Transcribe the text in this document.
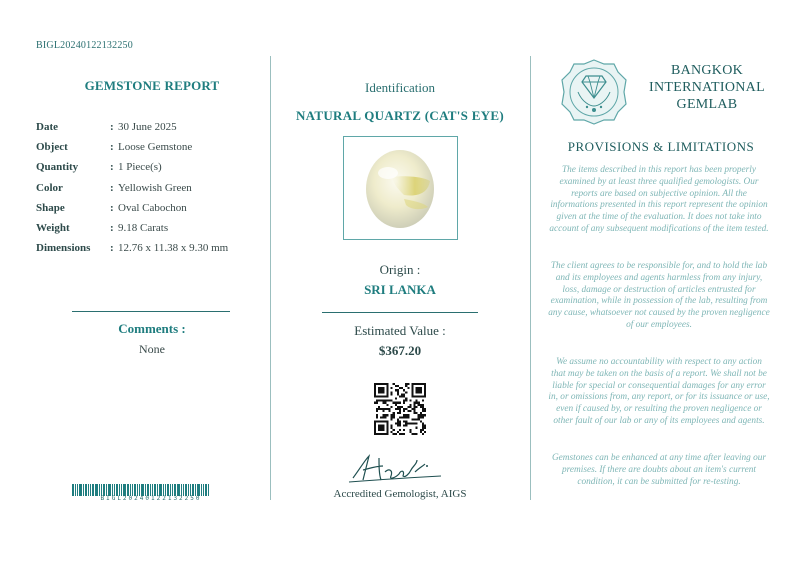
BIGL20240122132250
GEMSTONE REPORT
Date	: 30 June 2025
Object	: Loose Gemstone
Quantity	: 1 Piece(s)
Color	: Yellowish Green
Shape	: Oval Cabochon
Weight	: 9.18 Carats
Dimensions : 12.76 x 11.38 x 9.30 mm
Comments :
None
BIGL20240122132250
Identification
NATURAL QUARTZ (CAT'S EYE)
Origin :
SRI LANKA
Estimated Value :
$367.20
Accredited Gemologist, AIGS
BANGKOK
INTERNATIONAL
GEMLAB
PROVISIONS & LIMITATIONS
The items described in this report has been properly examined by at least three qualified gemologists. Our reports are based on subjective opinion. All the informations presented in this report represent the opinion given at the time of the evaluation. It does not take into account of any subsequent modifications of the item tested.
The client agrees to be responsible for, and to hold the lab and its employees and agents harmless from any injury, loss, damage or destruction of articles entrusted for examination, while in possession of the lab, resulting from any cause, whatsoever not caused by the proven negligence of our employees.
We assume no accountability with respect to any action that may be taken on the basis of a report. We shall not be liable for special or consequential damages for any error in, or omissions from, any report, or for its issuance or use, even if caused by, or resulting the proven negligence or other fault of our lab or any of its employees and agents.
Gemstones can be enhanced at any time after leaving our premises. If there are doubts about an item's current condition, it can be submitted for re-testing.
